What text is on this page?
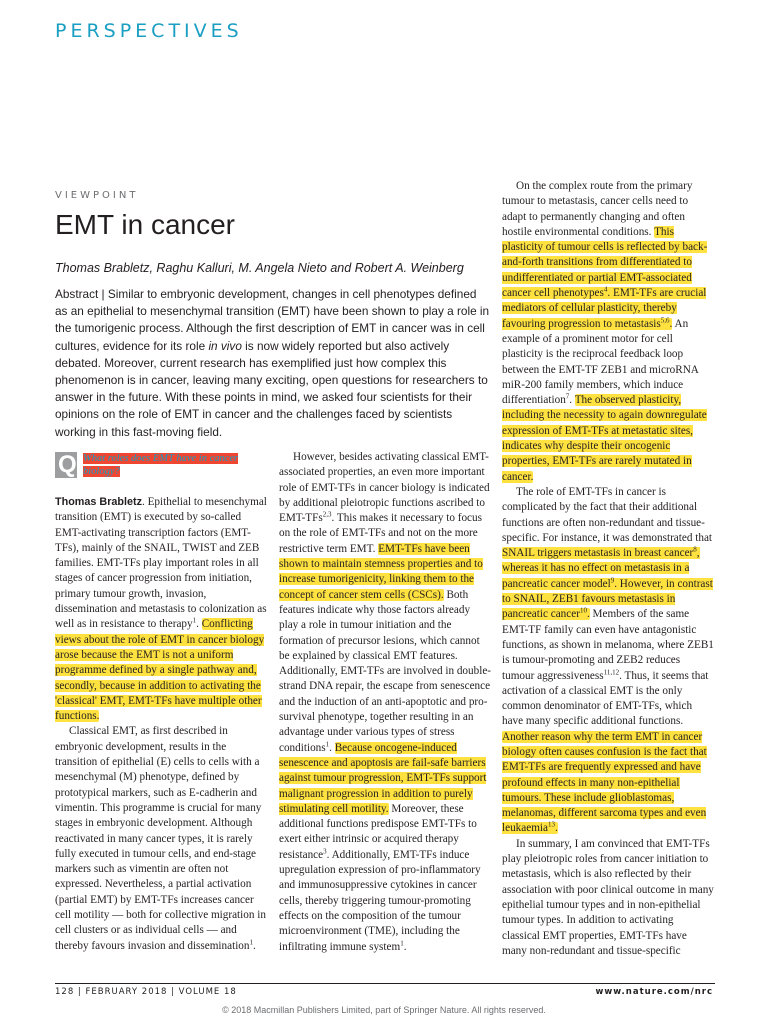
PERSPECTIVES
VIEWPOINT
EMT in cancer
Thomas Brabletz, Raghu Kalluri, M. Angela Nieto and Robert A. Weinberg
Abstract | Similar to embryonic development, changes in cell phenotypes defined as an epithelial to mesenchymal transition (EMT) have been shown to play a role in the tumorigenic process. Although the first description of EMT in cancer was in cell cultures, evidence for its role in vivo is now widely reported but also actively debated. Moreover, current research has exemplified just how complex this phenomenon is in cancer, leaving many exciting, open questions for researchers to answer in the future. With these points in mind, we asked four scientists for their opinions on the role of EMT in cancer and the challenges faced by scientists working in this fast-moving field.
Q What roles does EMT have in cancer biology?

Thomas Brabletz. Epithelial to mesenchymal transition (EMT) is executed by so-called EMT-activating transcription factors (EMT-TFs), mainly of the SNAIL, TWIST and ZEB families. EMT-TFs play important roles in all stages of cancer progression from initiation, primary tumour growth, invasion, dissemination and metastasis to colonization as well as in resistance to therapy$^1$. Conflicting views about the role of EMT in cancer biology arose because the EMT is not a uniform programme defined by a single pathway and, secondly, because in addition to activating the 'classical' EMT, EMT-TFs have multiple other functions.

Classical EMT, as first described in embryonic development, results in the transition of epithelial (E) cells to cells with a mesenchymal (M) phenotype, defined by prototypical markers, such as E-cadherin and vimentin. This programme is crucial for many stages in embryonic development. Although reactivated in many cancer types, it is rarely fully executed in tumour cells, and end-stage markers such as vimentin are often not expressed. Nevertheless, a partial activation (partial EMT) by EMT-TFs increases cancer cell motility — both for collective migration in cell clusters or as individual cells — and thereby favours invasion and dissemination$^1$.

However, besides activating classical EMT-associated properties, an even more important role of EMT-TFs in cancer biology is indicated by additional pleiotropic functions ascribed to EMT-TFs$^{2,3}$. This makes it necessary to focus on the role of EMT-TFs and not on the more restrictive term EMT. EMT-TFs have been shown to maintain stemness properties and to increase tumorigenicity, linking them to the concept of cancer stem cells (CSCs). Both features indicate why those factors already play a role in tumour initiation and the formation of precursor lesions, which cannot be explained by classical EMT features. Additionally, EMT-TFs are involved in double-strand DNA repair, the escape from senescence and the induction of an anti-apoptotic and pro-survival phenotype, together resulting in an advantage under various types of stress conditions$^1$. Because oncogene-induced senescence and apoptosis are fail-safe barriers against tumour progression, EMT-TFs support malignant progression in addition to purely stimulating cell motility. Moreover, these additional functions predispose EMT-TFs to exert either intrinsic or acquired therapy resistance$^3$. Additionally, EMT-TFs induce upregulation expression of pro-inflammatory and immunosuppressive cytokines in cancer cells, thereby triggering tumour-promoting effects on the composition of the tumour microenvironment (TME), including the infiltrating immune system$^1$.

On the complex route from the primary tumour to metastasis, cancer cells need to adapt to permanently changing and often hostile environmental conditions. This plasticity of tumour cells is reflected by back-and-forth transitions from differentiated to undifferentiated or partial EMT-associated cancer cell phenotypes$^4$. EMT-TFs are crucial mediators of cellular plasticity, thereby favouring progression to metastasis$^{5,6}$. An example of a prominent motor for cell plasticity is the reciprocal feedback loop between the EMT-TF ZEB1 and microRNA miR-200 family members, which induce differentiation$^7$. The observed plasticity, including the necessity to again downregulate expression of EMT-TFs at metastatic sites, indicates why despite their oncogenic properties, EMT-TFs are rarely mutated in cancer.

The role of EMT-TFs in cancer is complicated by the fact that their additional functions are often non-redundant and tissue-specific. For instance, it was demonstrated that SNAIL triggers metastasis in breast cancer$^8$, whereas it has no effect on metastasis in a pancreatic cancer model$^9$. However, in contrast to SNAIL, ZEB1 favours metastasis in pancreatic cancer$^{10}$. Members of the same EMT-TF family can even have antagonistic functions, as shown in melanoma, where ZEB1 is tumour-promoting and ZEB2 reduces tumour aggressiveness$^{11,12}$. Thus, it seems that activation of a classical EMT is the only common denominator of EMT-TFs, which have many specific additional functions. Another reason why the term EMT in cancer biology often causes confusion is the fact that EMT-TFs are frequently expressed and have profound effects in many non-epithelial tumours. These include glioblastomas, melanomas, different sarcoma types and even leukaemia$^{13}$.

In summary, I am convinced that EMT-TFs play pleiotropic roles from cancer initiation to metastasis, which is also reflected by their association with poor clinical outcome in many epithelial tumour types and in non-epithelial tumour types. In addition to activating classical EMT properties, EMT-TFs have many non-redundant and tissue-specific

128 | FEBRUARY 2018 | VOLUME 18	www.nature.com/nrc
© 2018 Macmillan Publishers Limited, part of Springer Nature. All rights reserved.
